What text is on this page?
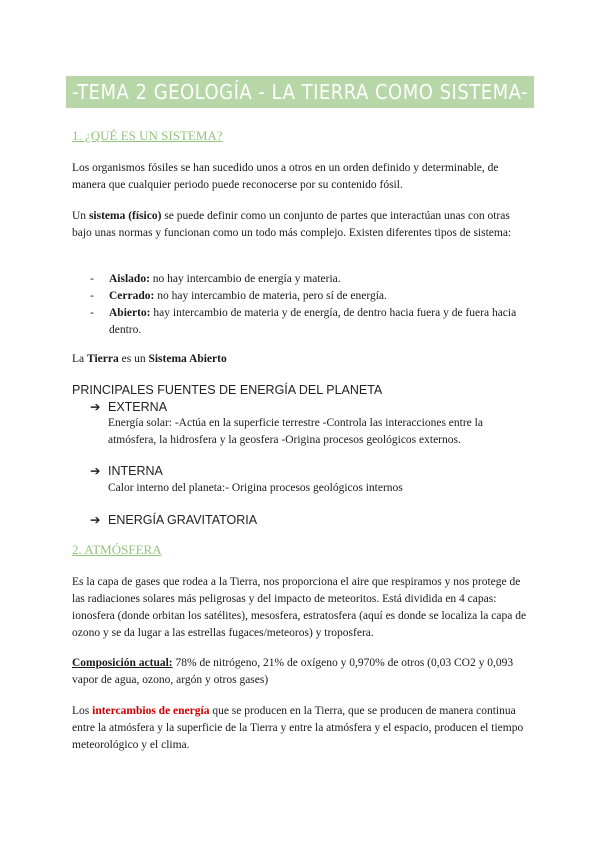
-TEMA 2 GEOLOGÍA - LA TIERRA COMO SISTEMA-
1. ¿QUÉ ES UN SISTEMA?

Los organismos fósiles se han sucedido unos a otros en un orden definido y determinable, de manera que cualquier periodo puede reconocerse por su contenido fósil.

Un sistema (físico) se puede definir como un conjunto de partes que interactúan unas con otras bajo unas normas y funcionan como un todo más complejo. Existen diferentes tipos de sistema:

- Aislado: no hay intercambio de energía y materia.
- Cerrado: no hay intercambio de materia, pero sí de energía.
- Abierto: hay intercambio de materia y de energía, de dentro hacia fuera y de fuera hacia dentro.

La Tierra es un Sistema Abierto

PRINCIPALES FUENTES DE ENERGÍA DEL PLANETA
➔ EXTERNA
Energía solar: -Actúa en la superficie terrestre -Controla las interacciones entre la atmósfera, la hidrosfera y la geosfera -Origina procesos geológicos externos.
➔ INTERNA
Calor interno del planeta:- Origina procesos geológicos internos
➔ ENERGÍA GRAVITATORIA
2. ATMÓSFERA

Es la capa de gases que rodea a la Tierra, nos proporciona el aire que respiramos y nos protege de las radiaciones solares más peligrosas y del impacto de meteoritos. Está dividida en 4 capas: ionosfera (donde orbitan los satélites), mesosfera, estratosfera (aquí es donde se localiza la capa de ozono y se da lugar a las estrellas fugaces/meteoros) y troposfera.

Composición actual: 78% de nitrógeno, 21% de oxígeno y 0,970% de otros (0,03 CO2 y 0,093 vapor de agua, ozono, argón y otros gases)

Los intercambios de energía que se producen en la Tierra, que se producen de manera continua entre la atmósfera y la superficie de la Tierra y entre la atmósfera y el espacio, producen el tiempo meteorológico y el clima.
